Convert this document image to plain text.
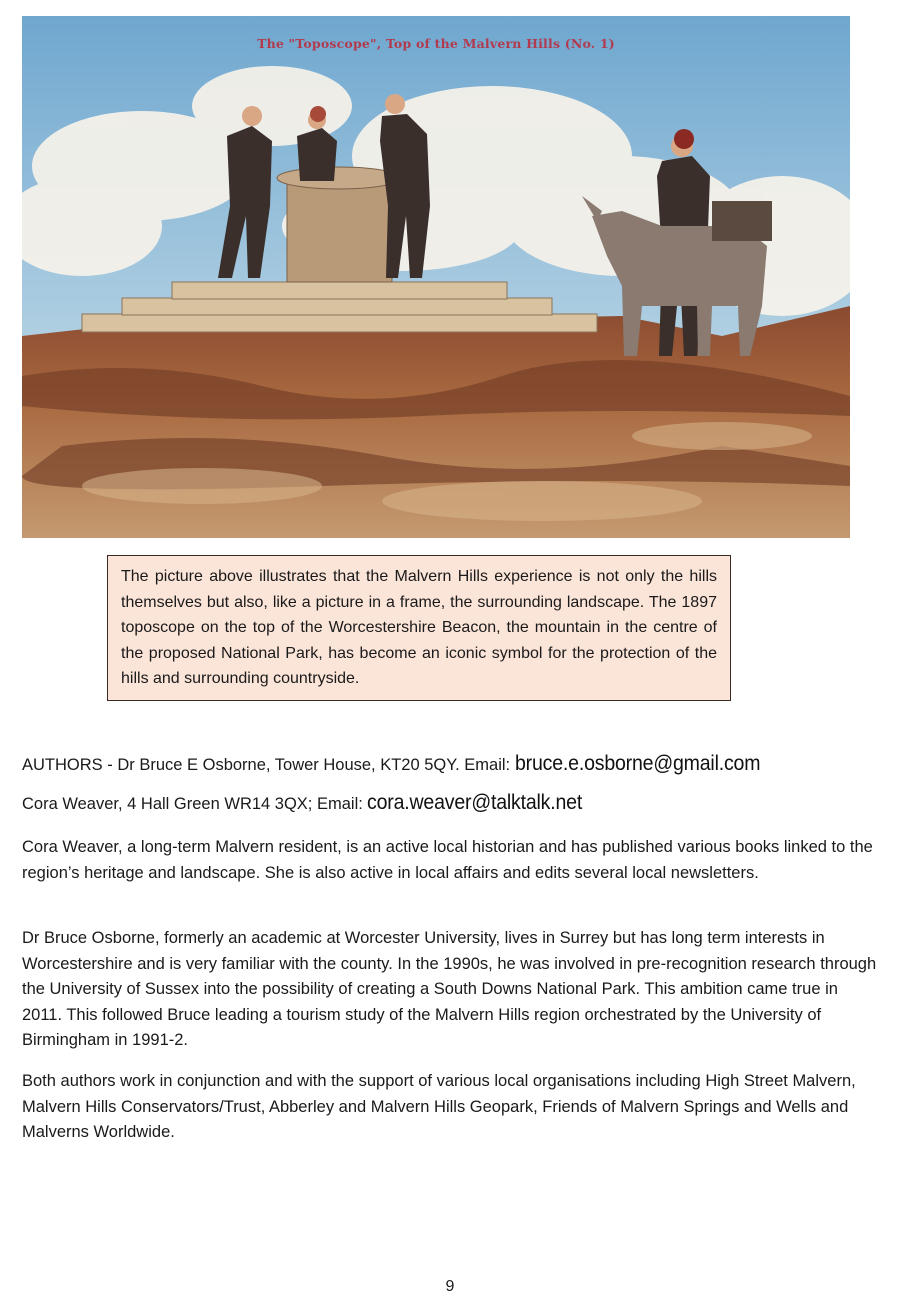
The "Toposcope", Top of the Malvern Hills (No. 1)
The picture above illustrates that the Malvern Hills experience is not only the hills themselves but also, like a picture in a frame, the surrounding landscape. The 1897 toposcope on the top of the Worcestershire Beacon, the mountain in the centre of the proposed National Park, has become an iconic symbol for the protection of the hills and surrounding countryside.
AUTHORS - Dr Bruce E Osborne, Tower House, KT20 5QY. Email: bruce.e.osborne@gmail.com
Cora Weaver, 4 Hall Green WR14 3QX; Email: cora.weaver@talktalk.net

Cora Weaver, a long-term Malvern resident, is an active local historian and has published various books linked to the region’s heritage and landscape. She is also active in local affairs and edits several local newsletters.

Dr Bruce Osborne, formerly an academic at Worcester University, lives in Surrey but has long term interests in Worcestershire and is very familiar with the county. In the 1990s, he was involved in pre-recognition research through the University of Sussex into the possibility of creating a South Downs National Park. This ambition came true in 2011. This followed Bruce leading a tourism study of the Malvern Hills region orchestrated by the University of Birmingham in 1991-2.

Both authors work in conjunction and with the support of various local organisations including High Street Malvern, Malvern Hills Conservators/Trust, Abberley and Malvern Hills Geopark, Friends of Malvern Springs and Wells and Malverns Worldwide.

9
